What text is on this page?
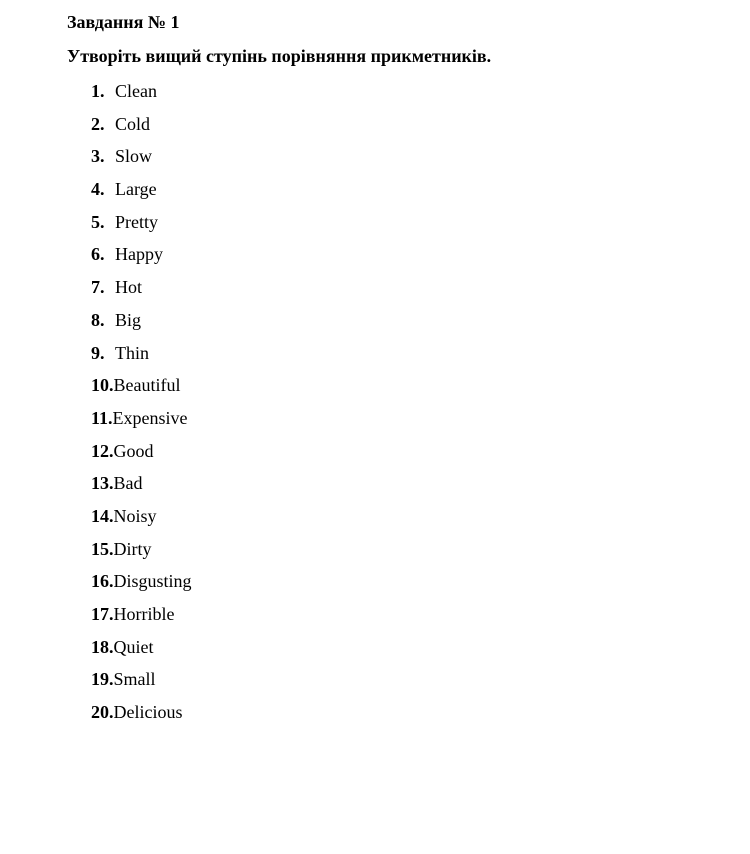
Завдання № 1
Утворіть вищий ступінь порівняння прикметників.
1. Clean
2. Cold
3. Slow
4. Large
5. Pretty
6. Happy
7. Hot
8. Big
9. Thin
10. Beautiful
11. Expensive
12. Good
13. Bad
14. Noisy
15. Dirty
16. Disgusting
17. Horrible
18. Quiet
19. Small
20. Delicious
